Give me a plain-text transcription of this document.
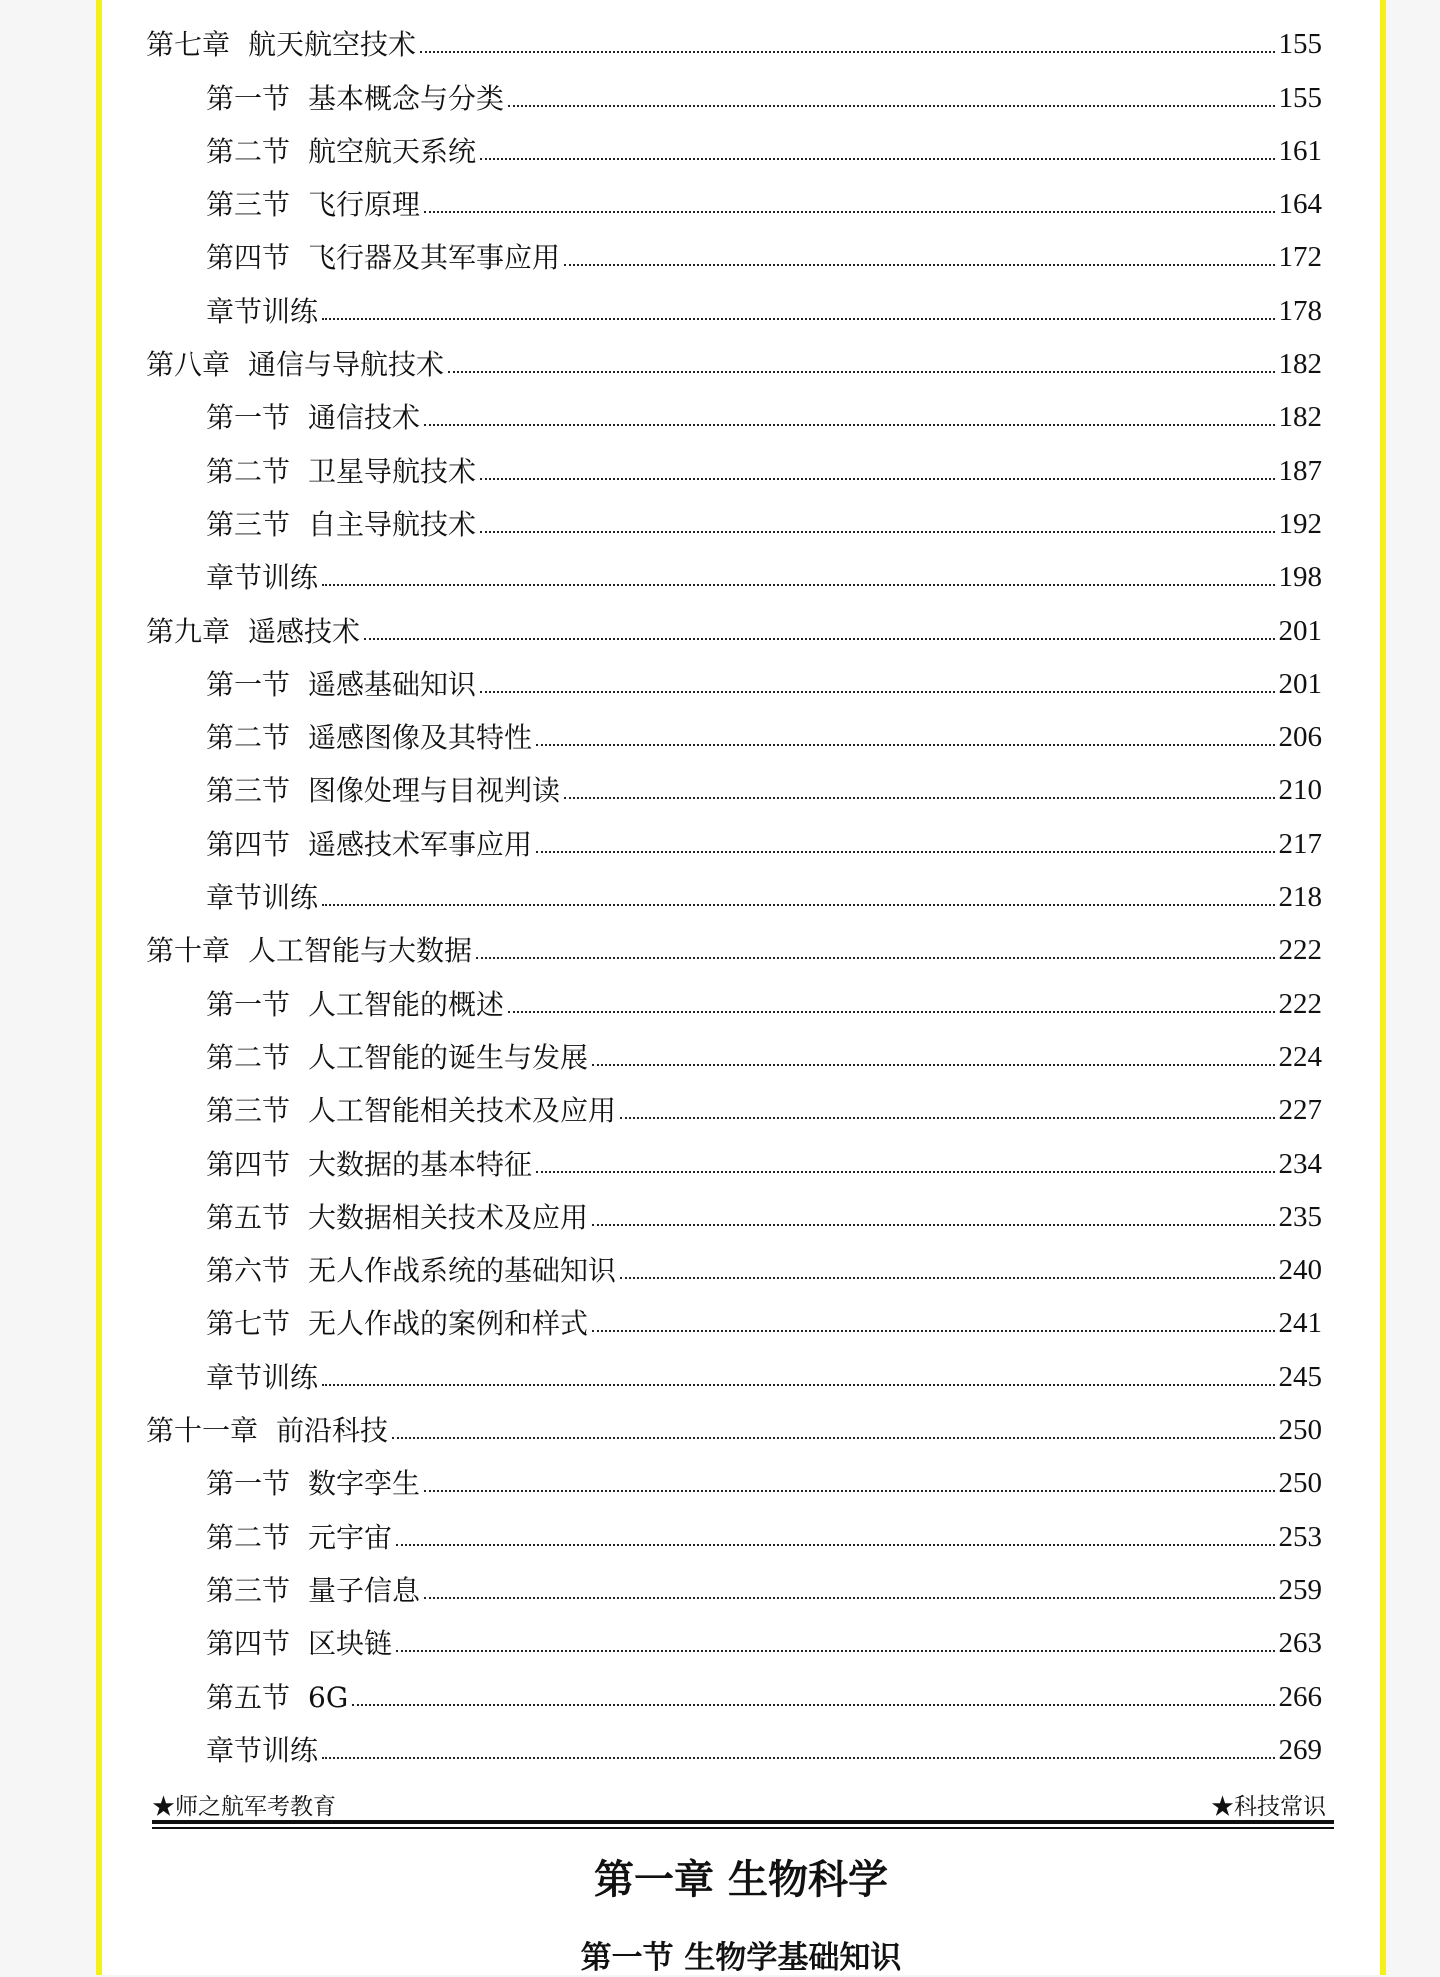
第七章 航天航空技术	155
第一节 基本概念与分类	155
第二节 航空航天系统	161
第三节 飞行原理	164
第四节 飞行器及其军事应用	172
章节训练	178
第八章 通信与导航技术	182
第一节 通信技术	182
第二节 卫星导航技术	187
第三节 自主导航技术	192
章节训练	198
第九章 遥感技术	201
第一节 遥感基础知识	201
第二节 遥感图像及其特性	206
第三节 图像处理与目视判读	210
第四节 遥感技术军事应用	217
章节训练	218
第十章 人工智能与大数据	222
第一节 人工智能的概述	222
第二节 人工智能的诞生与发展	224
第三节 人工智能相关技术及应用	227
第四节 大数据的基本特征	234
第五节 大数据相关技术及应用	235
第六节 无人作战系统的基础知识	240
第七节 无人作战的案例和样式	241
章节训练	245
第十一章 前沿科技	250
第一节 数字孪生	250
第二节 元宇宙	253
第三节 量子信息	259
第四节 区块链	263
第五节 6G	266
章节训练	269
★师之航军考教育	★科技常识
第一章 生物科学
第一节 生物学基础知识
